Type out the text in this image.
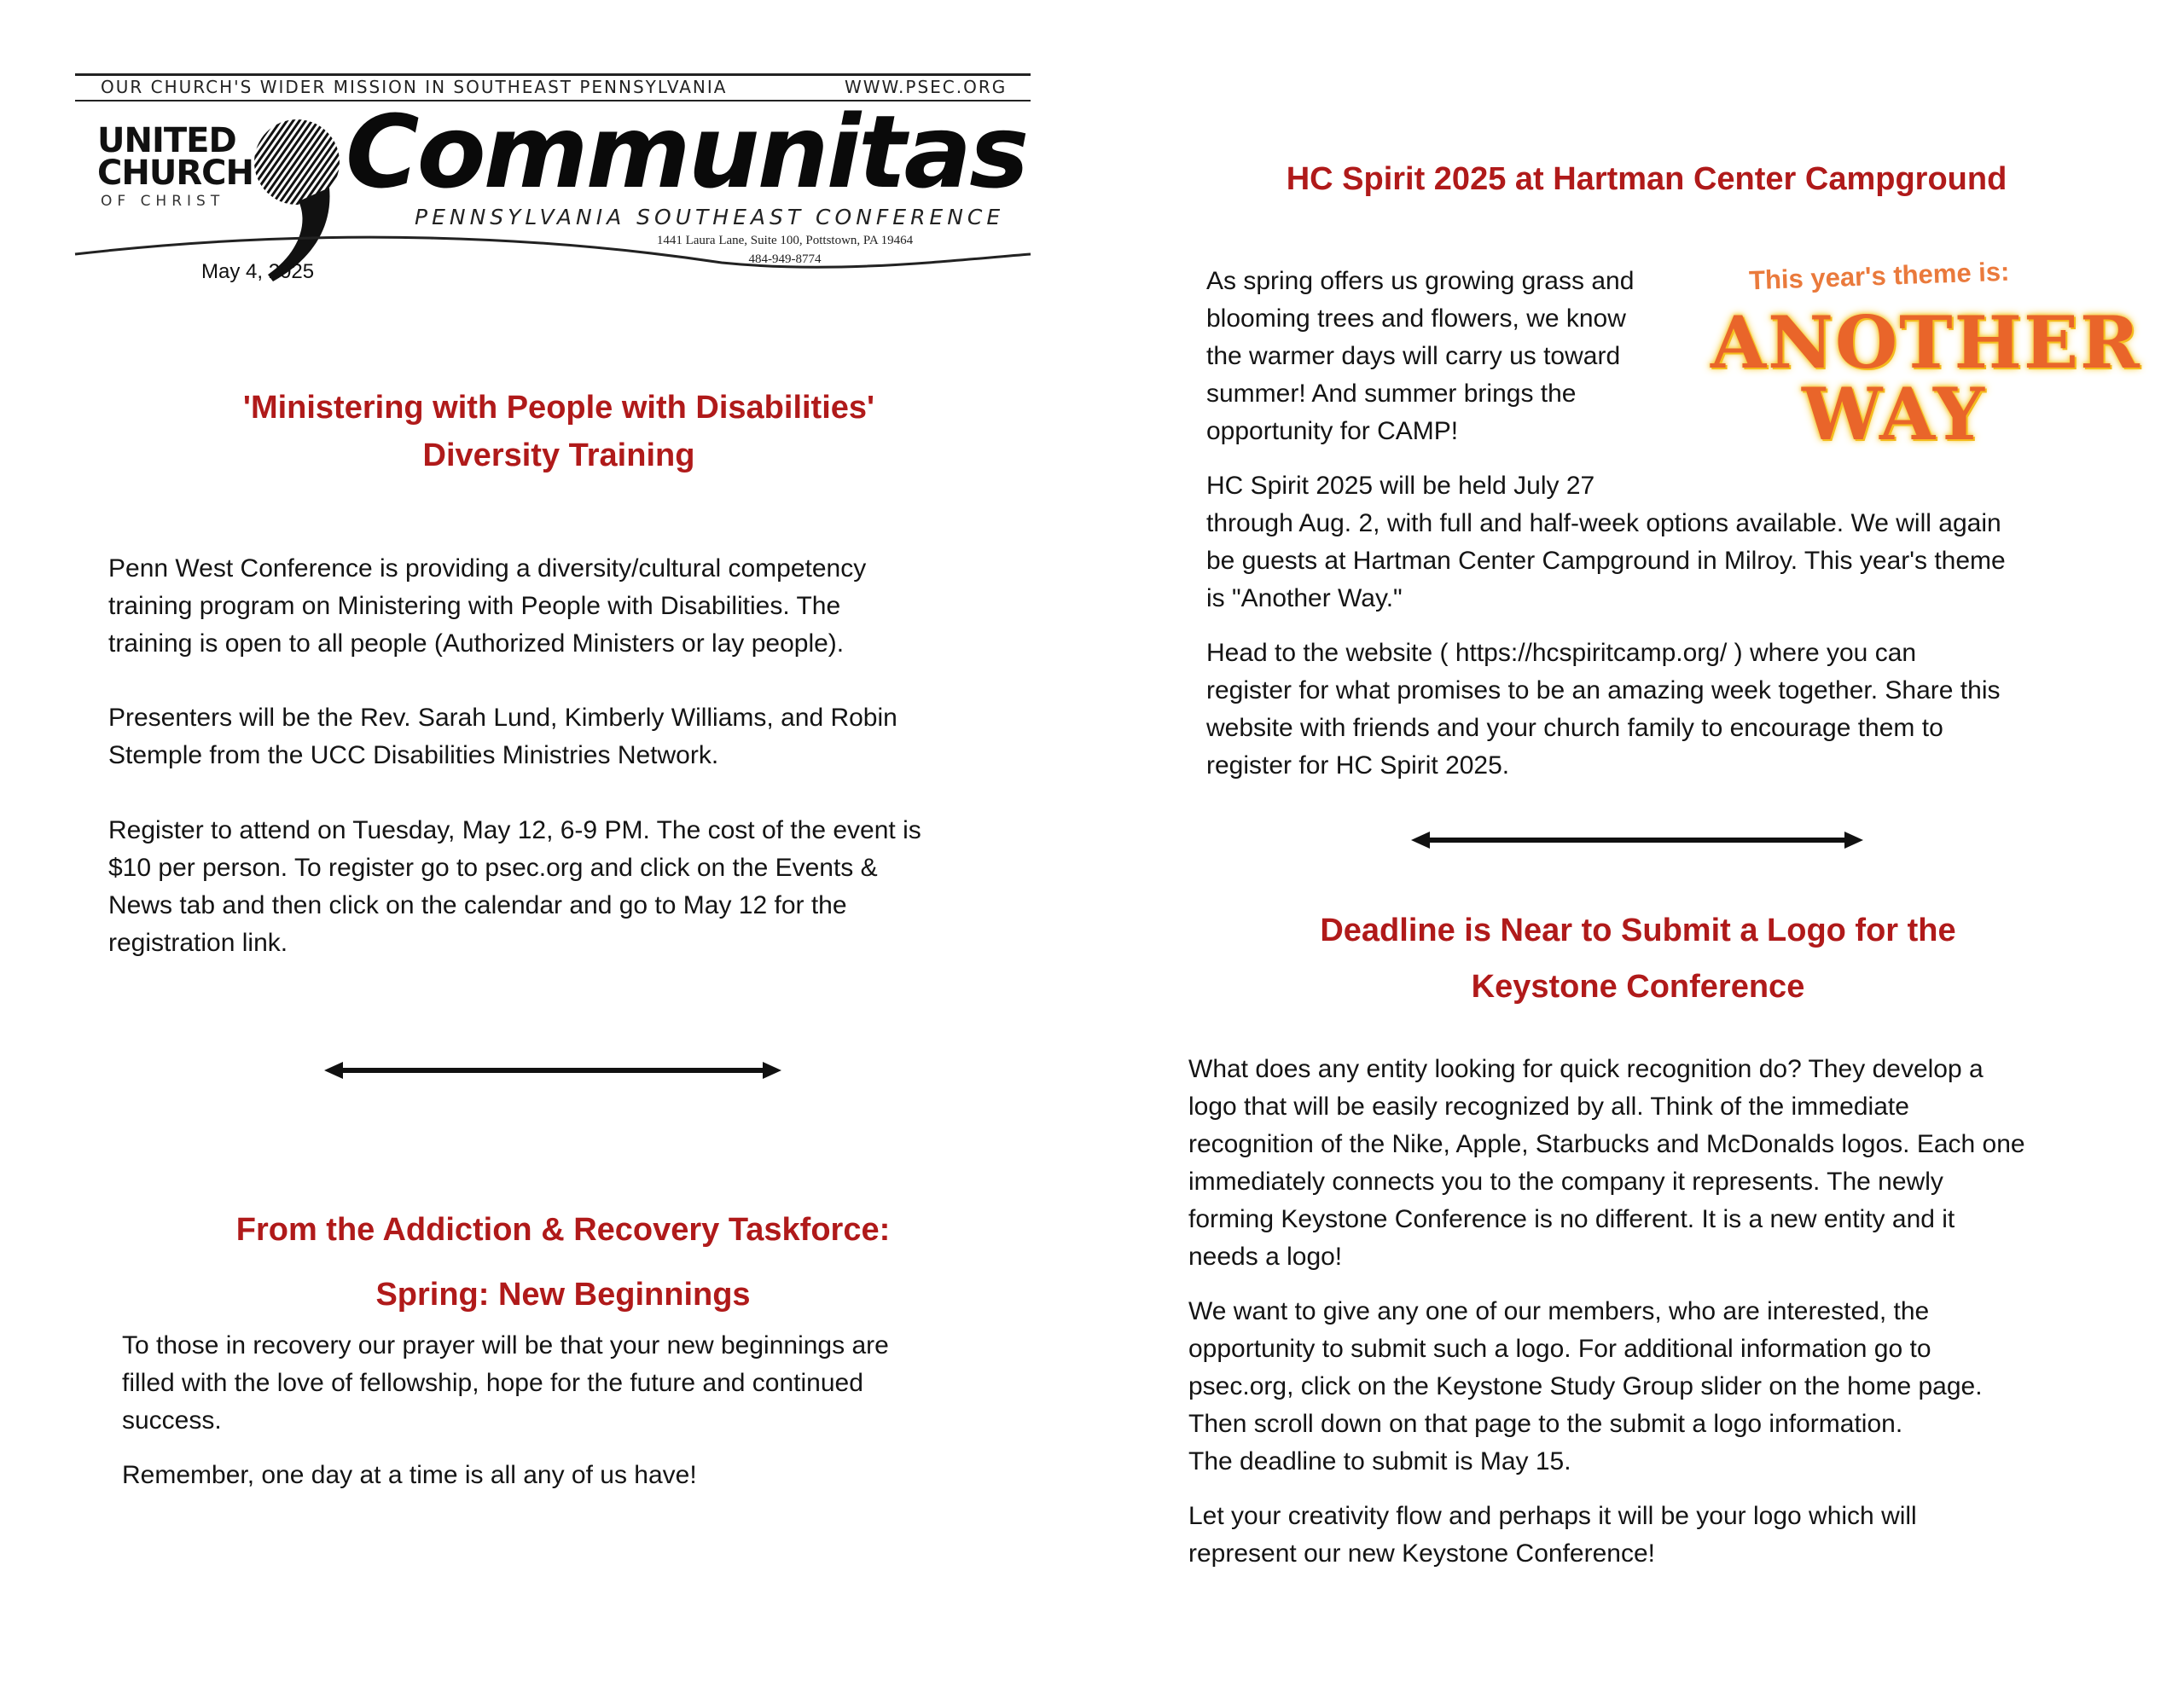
OUR CHURCH'S WIDER MISSION IN SOUTHEAST PENNSYLVANIA	WWW.PSEC.ORG
UNITED
CHURCH
OF CHRIST Communitas
PENNSYLVANIA SOUTHEAST CONFERENCE
1441 Laura Lane, Suite 100, Pottstown, PA 19464
484-949-8774
May 4, 2025
'Ministering with People with Disabilities'
Diversity Training
Penn West Conference is providing a diversity/cultural competency
training program on Ministering with People with Disabilities. The
training is open to all people (Authorized Ministers or lay people).
Presenters will be the Rev. Sarah Lund, Kimberly Williams, and Robin
Stemple from the UCC Disabilities Ministries Network.
Register to attend on Tuesday, May 12, 6-9 PM. The cost of the event is
$10 per person. To register go to psec.org and click on the Events &
News tab and then click on the calendar and go to May 12 for the
registration link.
From the Addiction & Recovery Taskforce:
Spring: New Beginnings
To those in recovery our prayer will be that your new beginnings are
filled with the love of fellowship, hope for the future and continued
success.
Remember, one day at a time is all any of us have!
HC Spirit 2025 at Hartman Center Campground
As spring offers us growing grass and
blooming trees and flowers, we know
the warmer days will carry us toward
summer! And summer brings the
opportunity for CAMP!
This year's theme is:
ANOTHER
WAY
HC Spirit 2025 will be held July 27
through Aug. 2, with full and half-week options available. We will again
be guests at Hartman Center Campground in Milroy. This year's theme
is "Another Way."
Head to the website ( https://hcspiritcamp.org/ ) where you can
register for what promises to be an amazing week together. Share this
website with friends and your church family to encourage them to
register for HC Spirit 2025.
Deadline is Near to Submit a Logo for the
Keystone Conference
What does any entity looking for quick recognition do? They develop a
logo that will be easily recognized by all. Think of the immediate
recognition of the Nike, Apple, Starbucks and McDonalds logos. Each one
immediately connects you to the company it represents. The newly
forming Keystone Conference is no different. It is a new entity and it
needs a logo!
We want to give any one of our members, who are interested, the
opportunity to submit such a logo. For additional information go to
psec.org, click on the Keystone Study Group slider on the home page.
Then scroll down on that page to the submit a logo information.
The deadline to submit is May 15.
Let your creativity flow and perhaps it will be your logo which will
represent our new Keystone Conference!
